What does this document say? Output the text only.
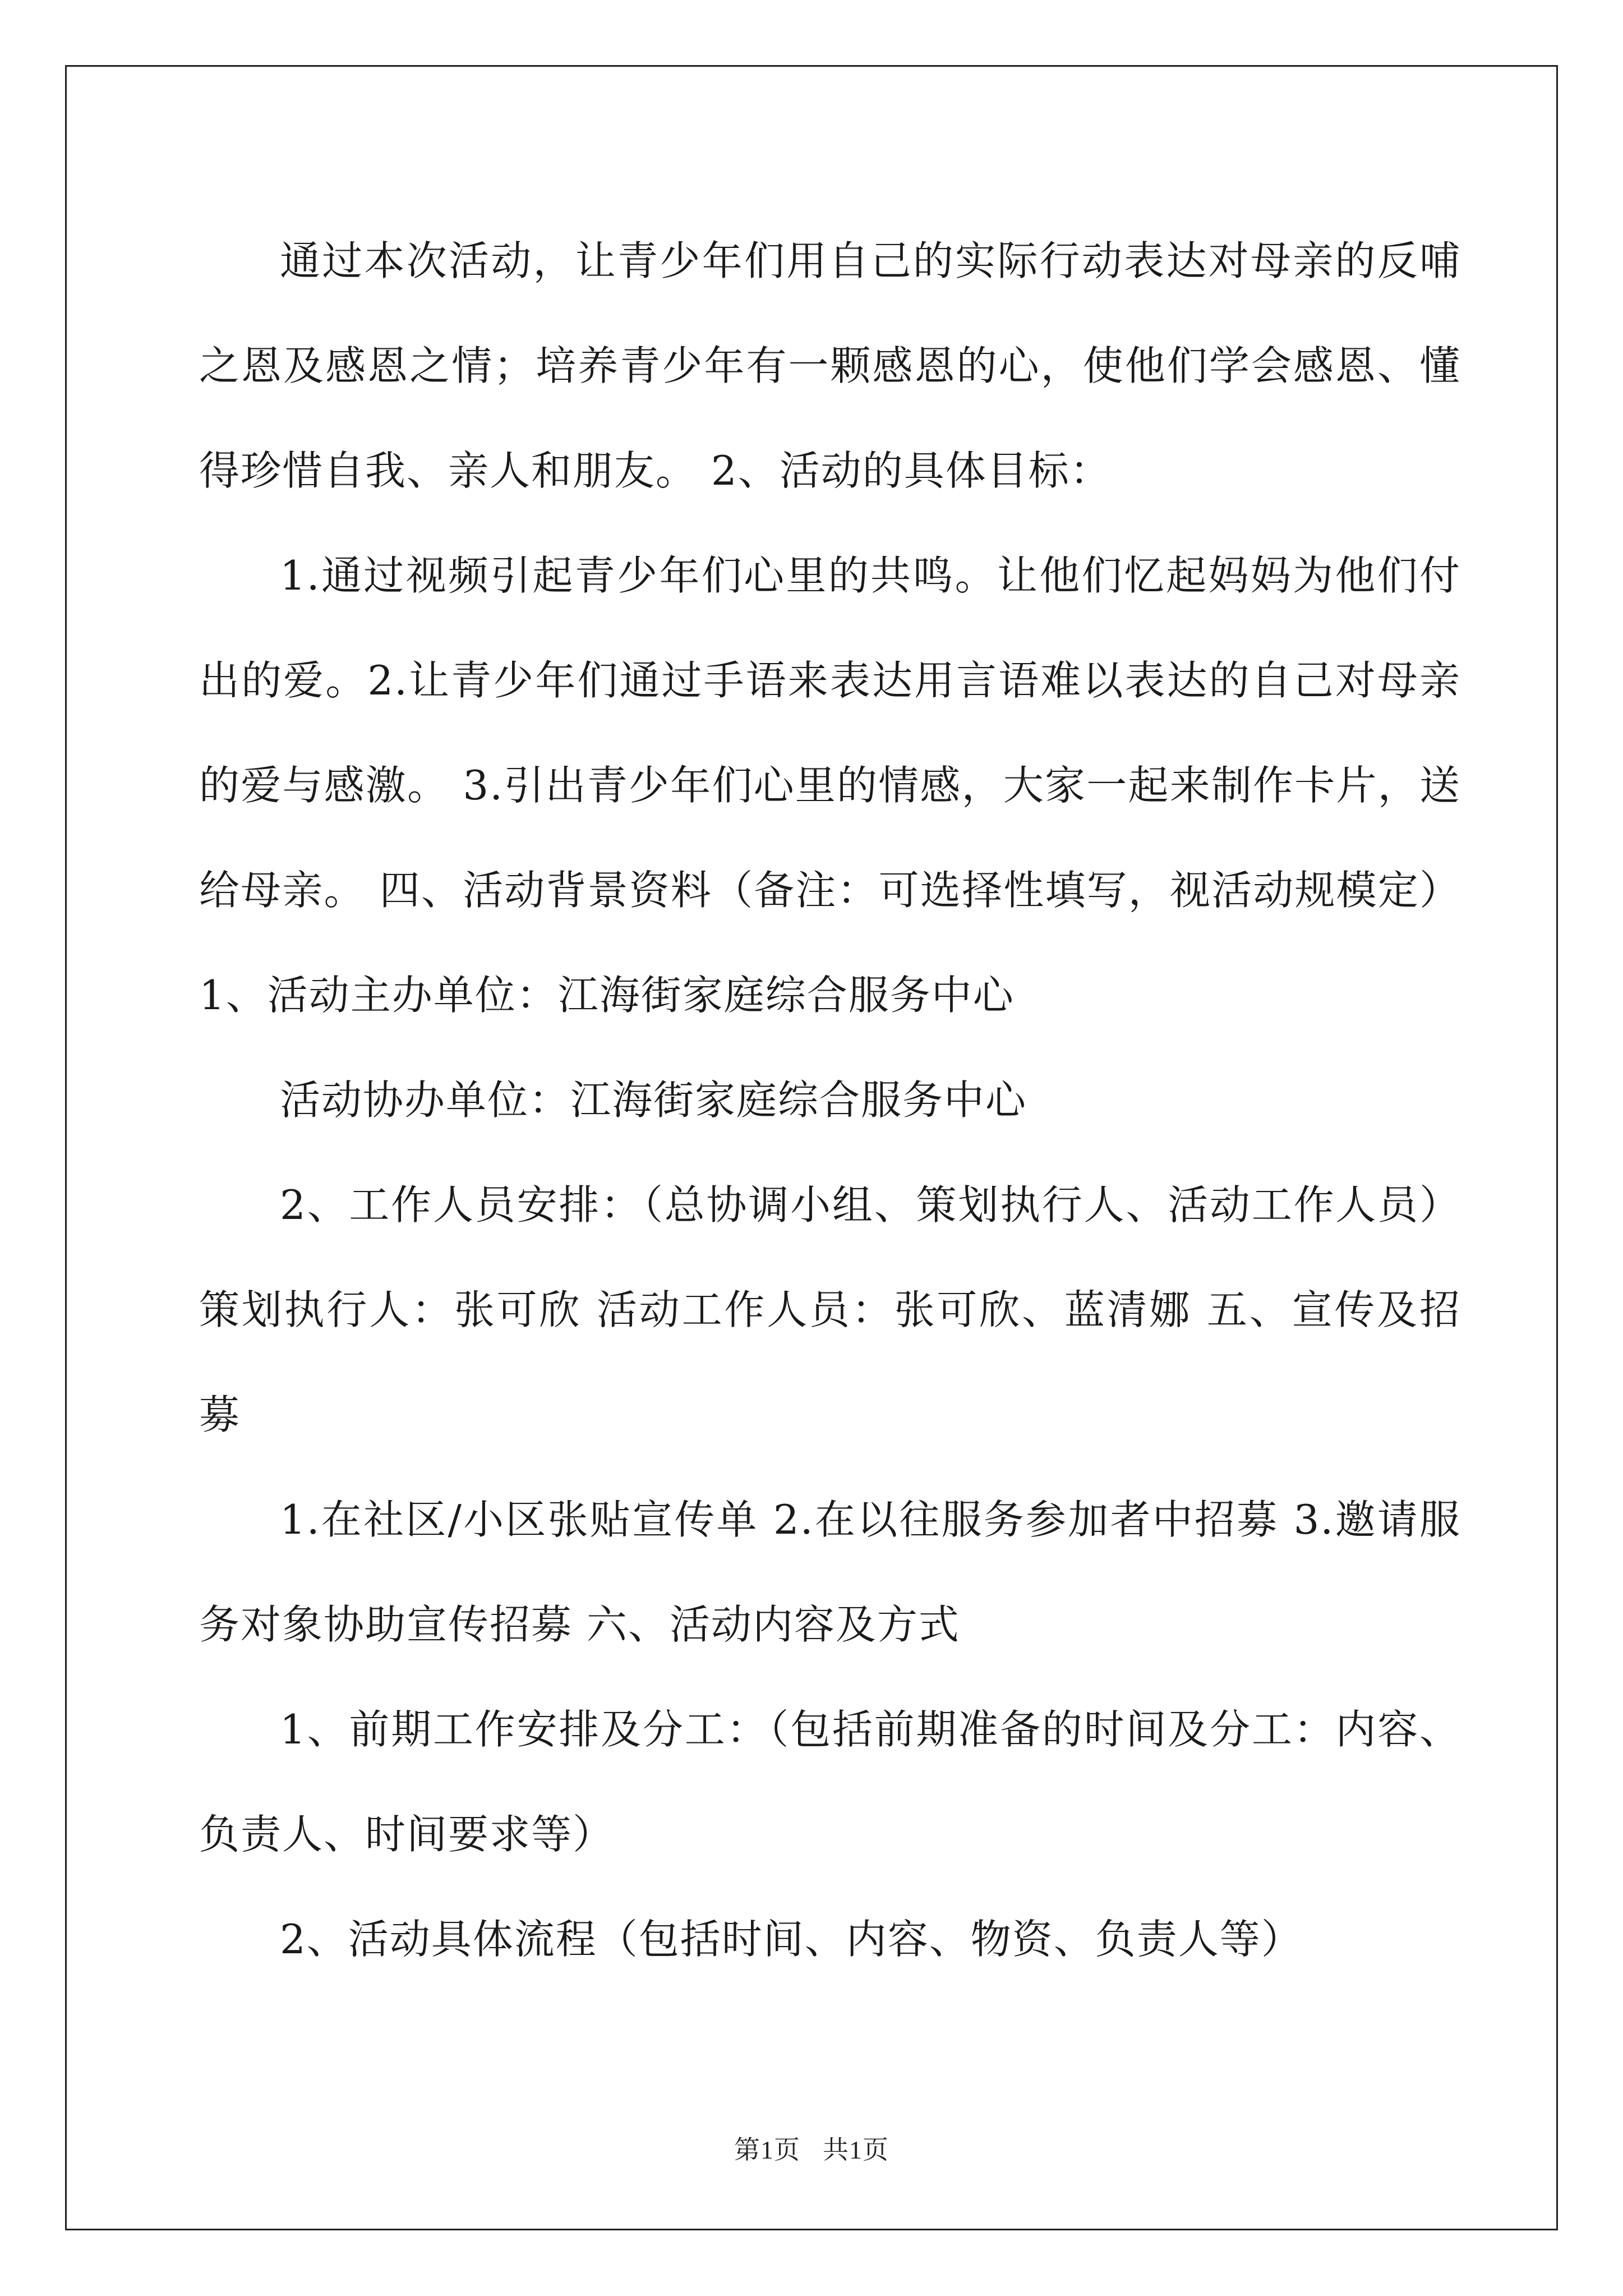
通过本次活动，让青少年们用自己的实际行动表达对母亲的反哺之恩及感恩之情；培养青少年有一颗感恩的心，使他们学会感恩、懂得珍惜自我、亲人和朋友。 2、活动的具体目标：

1.通过视频引起青少年们心里的共鸣。让他们忆起妈妈为他们付出的爱。2.让青少年们通过手语来表达用言语难以表达的自己对母亲的爱与感激。 3.引出青少年们心里的情感，大家一起来制作卡片，送给母亲。 四、活动背景资料（备注：可选择性填写，视活动规模定）1、活动主办单位：江海街家庭综合服务中心

活动协办单位：江海街家庭综合服务中心

2、工作人员安排：（总协调小组、策划执行人、活动工作人员）策划执行人：张可欣 活动工作人员：张可欣、蓝清娜 五、宣传及招募

1.在社区/小区张贴宣传单 2.在以往服务参加者中招募 3.邀请服务对象协助宣传招募 六、活动内容及方式

1、前期工作安排及分工：（包括前期准备的时间及分工：内容、负责人、时间要求等）

2、活动具体流程（包括时间、内容、物资、负责人等）

第1页 共1页
